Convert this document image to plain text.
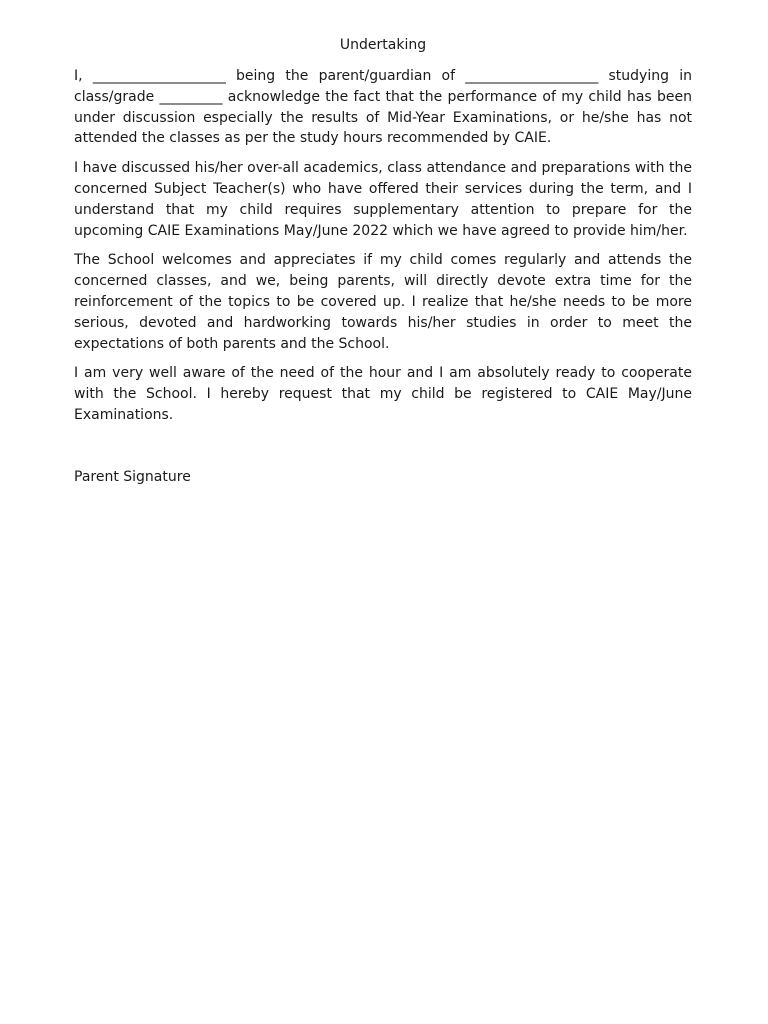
Undertaking

I, ___________________ being the parent/guardian of ___________________ studying in class/grade _________ acknowledge the fact that the performance of my child has been under discussion especially the results of Mid-Year Examinations, or he/she has not attended the classes as per the study hours recommended by CAIE.

I have discussed his/her over-all academics, class attendance and preparations with the concerned Subject Teacher(s) who have offered their services during the term, and I understand that my child requires supplementary attention to prepare for the upcoming CAIE Examinations May/June 2022 which we have agreed to provide him/her.

The School welcomes and appreciates if my child comes regularly and attends the concerned classes, and we, being parents, will directly devote extra time for the reinforcement of the topics to be covered up. I realize that he/she needs to be more serious, devoted and hardworking towards his/her studies in order to meet the expectations of both parents and the School.

I am very well aware of the need of the hour and I am absolutely ready to cooperate with the School. I hereby request that my child be registered to CAIE May/June Examinations.

Parent Signature
